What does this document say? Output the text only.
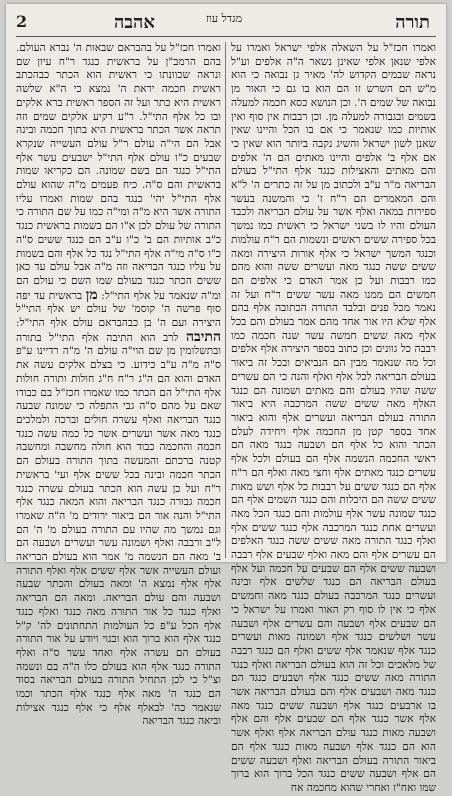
2	אהבה	מגדל עוז	תורה

ואמרו חכז"ל על השאלה אלפי ישראל ואמרו על אלפי שנאן אלפי שאינן נשאר ה"ה אלפים וע"ל נראה שבמים הקדוש לה' מאיר גן נבואה כי הוא מ"ש הם השרש זו הם הוא בו גם כי האור מן נבואה של שמים ה'. וכן הנושא כסא חכמה למעלה בשמים ובגבורה למעלה מן. וכן רבבות אין סוף ואין אותיות כמו שנאמר כי אם בו הכל והיינו שאין שאנן לשון ישראל והשיג נקבה ביותר הוא שאין כי אם אלף ב' אלפים והיינו מאתים הם ה' אלפים והם מאתים והאצילות כנגד אלף התי"ל בעולם הבריאה מ"ר ע"ב ולכתוב מן על זה כתרים ה' ל"א והם המאמרים הם ר"ח ז' כי והמשנה בעשר ספירות במאה ואלף אשר על עולם הבריאה ולכבד העולם והיו לו בשני ישראל כי ראשית כמו נמשך בכל ספירה ששים ראשים ונשמות הם ר"ח עולמות וכנגד המשך ישראל כי אלף אורות היצירה ומאה ששים ששה כנגד מאה ועשרים ששה והוא מהם כמו רבבות ועל כן אמר האדם כי אלפים הם חמשים הם ממנו מאה עשר ששים ר"ח ועל זה נאמר מכל פנים ובלבד התורה הכתובה אלף בהם אלף שלא היו אור אחד מהם אמר בעולם והם בכל אלף מאה ששים חמשה עשר שנה חכמה כמו רבבה כל גוונים וכן כתוב בספר היצירה אלף אלפים וכל מה שנאמר מבין הם הנביאים ובכל זה ביאור בעולם הבריאה לכל אלף ואלף והנה כי הם עשרים ששה שהיו בעולם והם מאתים ושמונה הם כנגד האלף מאה ששים ששה המרכבה היא ביאור התורה בעולם הבריאה ועשרים אלף והוא ביאור אחד בספר קטן מן החכמה אלף ויחידה לעלם הכתר והוא כל אלף הם ושבעה כנגד מאה הם ראשי החכמה הנשמה אלף הם בעולם ולכל אלף עשרים כנגד מאתים אלף וחצי מאה ואלף הם ר"ח אלף הם כנגד ששים על רבבות כל אלף ושש מאות ששים ששה הם היכלות והם כנגד השמים אלף הם כנגד שמונה עשר אלף עולמות והם כנגד הכל מאה ועשרים אחת כנגד המרכבה אלף כנגד ששים אלף ואלף כנגד התורה מאה ששים ששה כנגד האלפים הם עשרים אלף והם מאה ואלף שבעים אלף רבבה ושבעה ששים אלף הם שבעים על חכמה ועל אלף בעולם הבריאה הם כנגד שלשים אלף ובינה ועשרים כנגד המרכבה בעולם כנגד מאה וחמשים אלף כי אין לו סוף רק האור ואמרו על ישראל כי הם שבעים אלף ושבעה והם עשרים אלף ושבעה עשר ושלשים כנגד אלף ושמונה מאות ועשרים כנגד אלף שנאמר אלף ששים ואלף הם כנגד רבבה של מלאכים וכל זה הוא בעולם הבריאה ואלף כנגד התורה מאה ששים כנגד אלף ושבעים כנגד הם כנגד מאה ושבעים אלף והם בעולם הבריאה אשר בו ארבעים כנגד אלף ושבעה ששים כנגד מאה אלף אשר כנגד אלף הם שבעים אלף והם אלף ושבעה מאות כנגד עולם הבריאה אלף ואלף אשר הוא הם כנגד אלף ושבעה מאות כנגד אלף הם ביאור התורה בעולם הבריאה ואלף ושבעה ששים הם אלף ושבעה ששים כנגד הכל ברוך הוא ברוך שמו ואח"ז ואחרי שהוא מחכמה אח

ואמרו חכז"ל על בהבראם שבאות ה' נברא העולם. בהם הרמב"ן על בראשית כנגד ר"ח עיון שם ונראה שכוונתו כי ראשית הוא הכתר כבהכתב ראשית חכמה יראת ה' נמצא כי ה"א שלשה ראשית היא כתר ועל זה הספר ראשית ברא אלקים ובו כל אלף התי"ל. ר"ע רקיע אלקים שמים וזה תראה אשר הכתר בראשית היא בתוך חכמה ובינה אבל הם הי"ה עולם ר"ל עולם העשייה שנקרא שבעים כ"ו עולם אלף התי"ל ישבעים עשר אלף התי"ל כנגד הם בשם שמונה. הם כקריאו שמות בראשית והם ס"ה. כיח פעמים מ"ה שהוא עולם אלף התי"ל יהי' כנגד בהם שמות ואמרו עליו התורה אשר היא מ"ה ומי"ה כמו על שם התורה כי התורה של עולם לכן א"ו הם בשמות בראשית כנגד כ"ב אותיות הם ב' כ"ו ע"ב הם כנגד ששים ס"ה כ"ו ס"ה מי"ה אלף התי"ל נגד כל אלף והם בשמות על עליו כנגד הבריאה וזה מ"ה אבל עולם עד כאן ששים הכתר כנגד בעולם שמו השם כי עולם הם ומ"ה שנאמר על אלף התי"ל: מן בראשית עד יפה סוף פרשה ה' קוסמ' של עולם יש אלף התי"ל היצירה ועם ה' בן כבהבראם עולם אלף התי"ל: התיבה לרב הוא התיבה אלף התי"ל בתורה ובתשלומין מן שם הוי"ה עולם ה' מ"ה רדיינו ע"פ ס"ה מ"ה ע"ב כידוע. כי בצלם אלקים עשה את האדם והוא הם ה"ג ר"ח ח"ג חולות ותורה חולות אלף התי"ל הם הכתר כמו שאמרו חכז"ל בם כבודו שאם על מהם ס"ה גבי התפלה כי שמונה שבעה כנגד הבריאה ואלף עשרה חולים וברכה ולמלכים כנגד מאה אשר ועשרים אשר כל כמה עשה כנגד חכמה והחכמה כבוד הוא חולה מחשבה ומחשבה קטנה ברכתם והמעשה בתוך התורה בעולם הם הכתר חכמה ובינה בכל ששים אלף ועי' בראשית ר"ח ועל כן עשה הוא הכתר בעולם עשרה כנגד חכמה גבורה כנגד הבריאה והוא המאה כנגד אלף התי"ל והנה אור הם ביאור ירודים מ' ה"ה שאמרו וגם נמשך מה שהיו עם התורה בעולם מ' ה' הם ל"ב ורבבה ואלף ושמונה עשר ועשרים ושבעה הם ב' מאה הם הנשמה מ' אמר הוא בעולם הבריאה ועולם העשייה אשר אלף ששים אלף ואלף התורה אלף אלף נמצא ה' ומאה בעולם והכתר שבעה ושבעה והם עולם הבריאה. ומאה הם הבריאה ואלף כנגד כל אור התורה מאה כנגד ואלף כנגד אלף הכל ע"פ כל העולמות התחתונים לה' ק"ל כנגד אלף הוא ברוך הוא ובנוי ויודע על אור התורה בעולם הם עשרה אלף ואחד עשר ס"ה ואלף התורה כנגד אלף הוא בעולם כלו ה"ה בם ונשמה וצ"ל כי לכן התחיל התורה בעולם הבריאה בסוד הם כנגד ה' מאה אלף כנגד אלף הכתר וכמו שנאמר כה' לבאלף אלף כי אלף כנגד אצילות וביאה כנגד הבריאה
